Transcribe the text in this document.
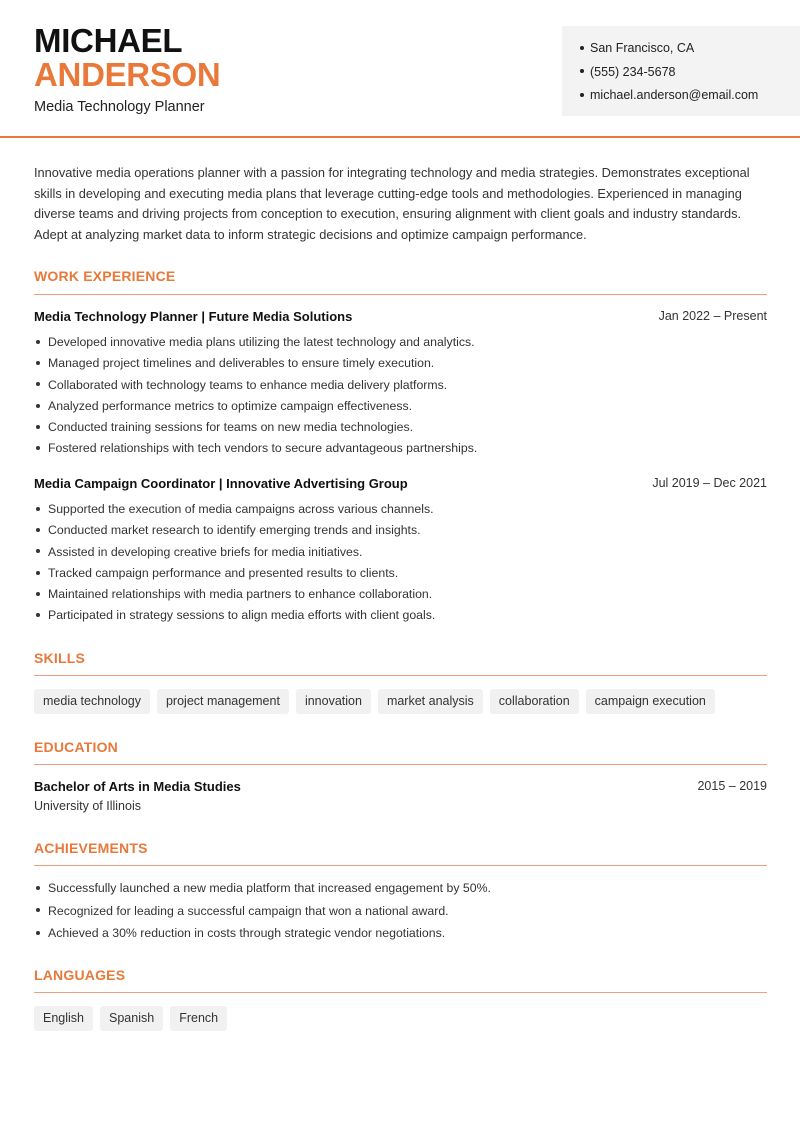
MICHAEL
ANDERSON
Media Technology Planner
San Francisco, CA
(555) 234-5678
michael.anderson@email.com
Innovative media operations planner with a passion for integrating technology and media strategies. Demonstrates exceptional skills in developing and executing media plans that leverage cutting-edge tools and methodologies. Experienced in managing diverse teams and driving projects from conception to execution, ensuring alignment with client goals and industry standards. Adept at analyzing market data to inform strategic decisions and optimize campaign performance.
WORK EXPERIENCE
Media Technology Planner | Future Media Solutions	Jan 2022 – Present
Developed innovative media plans utilizing the latest technology and analytics.
Managed project timelines and deliverables to ensure timely execution.
Collaborated with technology teams to enhance media delivery platforms.
Analyzed performance metrics to optimize campaign effectiveness.
Conducted training sessions for teams on new media technologies.
Fostered relationships with tech vendors to secure advantageous partnerships.
Media Campaign Coordinator | Innovative Advertising Group	Jul 2019 – Dec 2021
Supported the execution of media campaigns across various channels.
Conducted market research to identify emerging trends and insights.
Assisted in developing creative briefs for media initiatives.
Tracked campaign performance and presented results to clients.
Maintained relationships with media partners to enhance collaboration.
Participated in strategy sessions to align media efforts with client goals.
SKILLS
media technology	project management	innovation	market analysis	collaboration	campaign execution
EDUCATION
Bachelor of Arts in Media Studies	2015 – 2019
University of Illinois
ACHIEVEMENTS
Successfully launched a new media platform that increased engagement by 50%.
Recognized for leading a successful campaign that won a national award.
Achieved a 30% reduction in costs through strategic vendor negotiations.
LANGUAGES
English	Spanish	French
